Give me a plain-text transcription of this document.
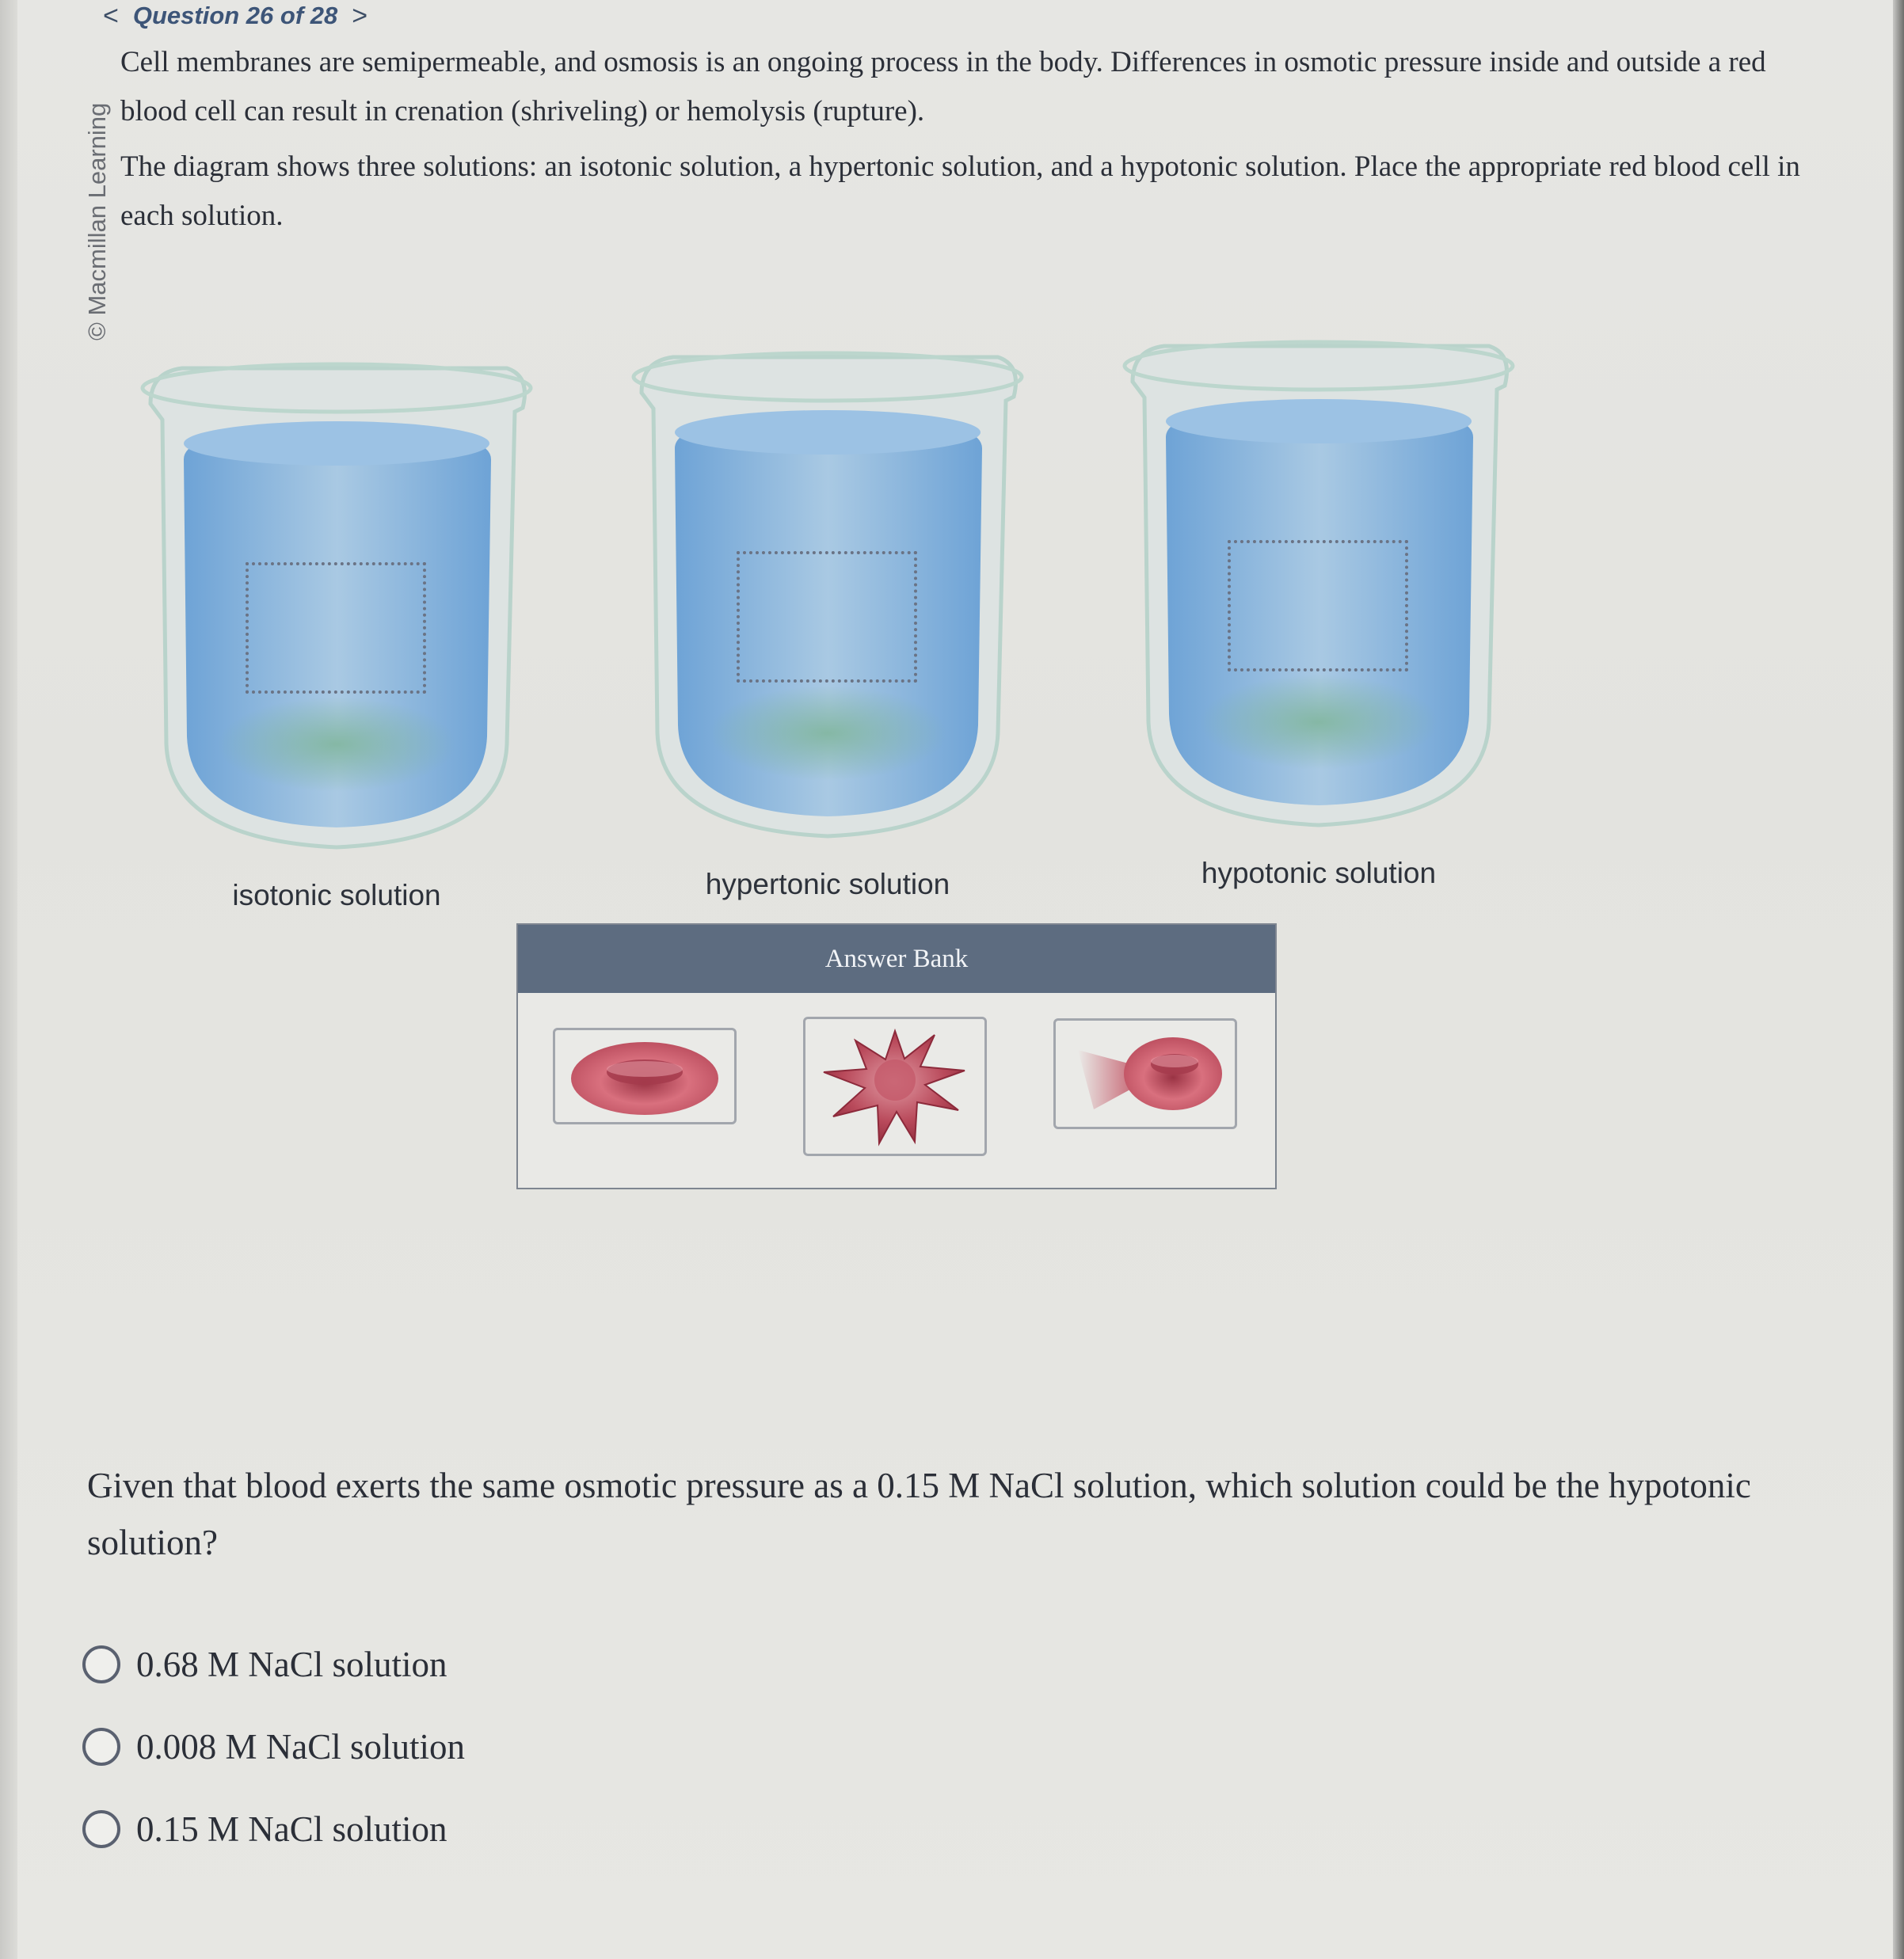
< Question 26 of 28 >
© Macmillan Learning

Cell membranes are semipermeable, and osmosis is an ongoing process in the body. Differences in osmotic pressure inside and outside a red blood cell can result in crenation (shriveling) or hemolysis (rupture).

The diagram shows three solutions: an isotonic solution, a hypertonic solution, and a hypotonic solution. Place the appropriate red blood cell in each solution.

isotonic solution	hypertonic solution	hypotonic solution
Answer Bank
Given that blood exerts the same osmotic pressure as a 0.15 M NaCl solution, which solution could be the hypotonic solution?
0.68 M NaCl solution
0.008 M NaCl solution
0.15 M NaCl solution
